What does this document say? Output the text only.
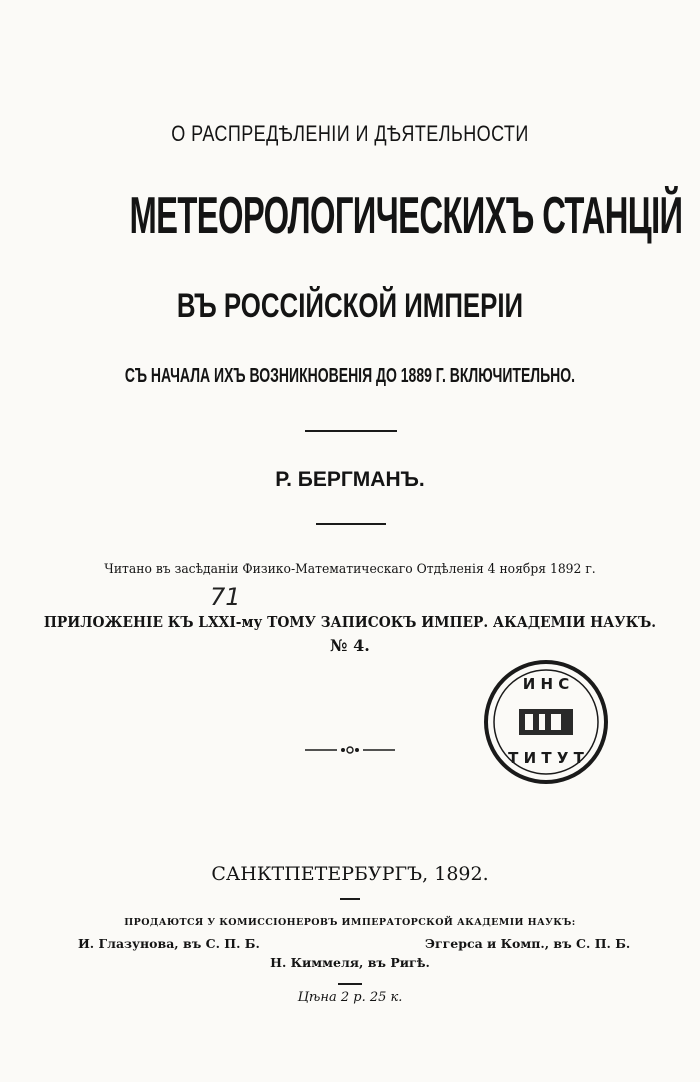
О РАСПРЕДѢЛЕНІИ И ДѢЯТЕЛЬНОСТИ
МЕТЕОРОЛОГИЧЕСКИХЪ СТАНЦІЙ
ВЪ РОССІЙСКОЙ ИМПЕРІИ
СЪ НАЧАЛА ИХЪ ВОЗНИКНОВЕНІЯ ДО 1889 Г. ВКЛЮЧИТЕЛЬНО.
Р. БЕРГМАНЪ.
Читано въ засѣданіи Физико-Математическаго Отдѣленія 4 ноября 1892 г.
71
ПРИЛОЖЕНІЕ КЪ LXXI-му ТОМУ ЗАПИСОКЪ ИМПЕР. АКАДЕМІИ НАУКЪ.
№ 4.
И Н С
Т И Т У Т
САНКТПЕТЕРБУРГЪ, 1892.
ПРОДАЮТСЯ У КОМИССІОНЕРОВЪ ИМПЕРАТОРСКОЙ АКАДЕМІИ НАУКЪ:
И. Глазунова, въ С. П. Б.	Эггерса и Комп., въ С. П. Б.
Н. Киммеля, въ Ригѣ.
Цѣна 2 р. 25 к.
